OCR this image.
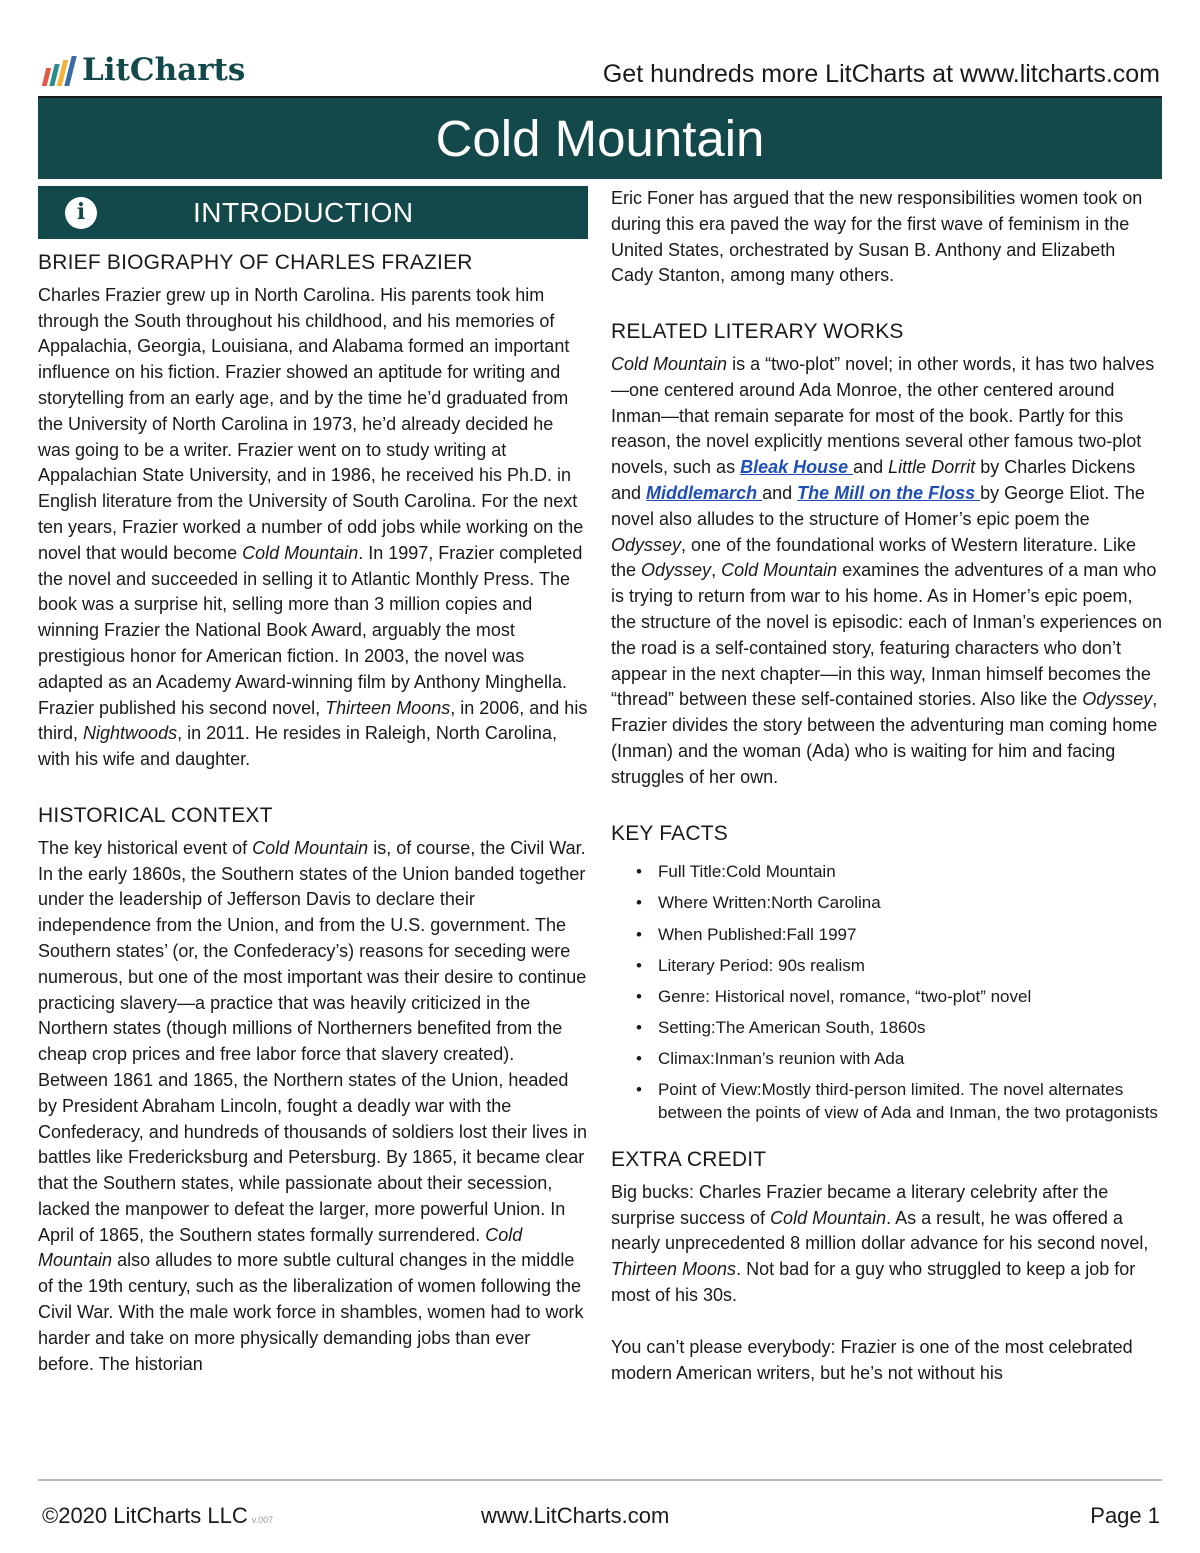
LitCharts	Get hundreds more LitCharts at www.litcharts.com
Cold Mountain
i	INTRODUCTION
BRIEF BIOGRAPHY OF CHARLES FRAZIER

Charles Frazier grew up in North Carolina. His parents took him through the South throughout his childhood, and his memories of Appalachia, Georgia, Louisiana, and Alabama formed an important influence on his fiction. Frazier showed an aptitude for writing and storytelling from an early age, and by the time he’d graduated from the University of North Carolina in 1973, he’d already decided he was going to be a writer. Frazier went on to study writing at Appalachian State University, and in 1986, he received his Ph.D. in English literature from the University of South Carolina. For the next ten years, Frazier worked a number of odd jobs while working on the novel that would become Cold Mountain. In 1997, Frazier completed the novel and succeeded in selling it to Atlantic Monthly Press. The book was a surprise hit, selling more than 3 million copies and winning Frazier the National Book Award, arguably the most prestigious honor for American fiction. In 2003, the novel was adapted as an Academy Award-winning film by Anthony Minghella. Frazier published his second novel, Thirteen Moons, in 2006, and his third, Nightwoods, in 2011. He resides in Raleigh, North Carolina, with his wife and daughter.

HISTORICAL CONTEXT

The key historical event of Cold Mountain is, of course, the Civil War. In the early 1860s, the Southern states of the Union banded together under the leadership of Jefferson Davis to declare their independence from the Union, and from the U.S. government. The Southern states’ (or, the Confederacy’s) reasons for seceding were numerous, but one of the most important was their desire to continue practicing slavery—a practice that was heavily criticized in the Northern states (though millions of Northerners benefited from the cheap crop prices and free labor force that slavery created). Between 1861 and 1865, the Northern states of the Union, headed by President Abraham Lincoln, fought a deadly war with the Confederacy, and hundreds of thousands of soldiers lost their lives in battles like Fredericksburg and Petersburg. By 1865, it became clear that the Southern states, while passionate about their secession, lacked the manpower to defeat the larger, more powerful Union. In April of 1865, the Southern states formally surrendered. Cold Mountain also alludes to more subtle cultural changes in the middle of the 19th century, such as the liberalization of women following the Civil War. With the male work force in shambles, women had to work harder and take on more physically demanding jobs than ever before. The historian

Eric Foner has argued that the new responsibilities women took on during this era paved the way for the first wave of feminism in the United States, orchestrated by Susan B. Anthony and Elizabeth Cady Stanton, among many others.

RELATED LITERARY WORKS

Cold Mountain is a “two-plot” novel; in other words, it has two halves—one centered around Ada Monroe, the other centered around Inman—that remain separate for most of the book. Partly for this reason, the novel explicitly mentions several other famous two-plot novels, such as Bleak House and Little Dorrit by Charles Dickens and Middlemarch and The Mill on the Floss by George Eliot. The novel also alludes to the structure of Homer’s epic poem the Odyssey, one of the foundational works of Western literature. Like the Odyssey, Cold Mountain examines the adventures of a man who is trying to return from war to his home. As in Homer’s epic poem, the structure of the novel is episodic: each of Inman’s experiences on the road is a self-contained story, featuring characters who don’t appear in the next chapter—in this way, Inman himself becomes the “thread” between these self-contained stories. Also like the Odyssey, Frazier divides the story between the adventuring man coming home (Inman) and the woman (Ada) who is waiting for him and facing struggles of her own.

KEY FACTS
• Full Title:Cold Mountain
• Where Written:North Carolina
• When Published:Fall 1997
• Literary Period: 90s realism
• Genre: Historical novel, romance, “two-plot” novel
• Setting:The American South, 1860s
• Climax:Inman’s reunion with Ada
• Point of View:Mostly third-person limited. The novel alternates between the points of view of Ada and Inman, the two protagonists
EXTRA CREDIT

Big bucks: Charles Frazier became a literary celebrity after the surprise success of Cold Mountain. As a result, he was offered a nearly unprecedented 8 million dollar advance for his second novel, Thirteen Moons. Not bad for a guy who struggled to keep a job for most of his 30s.

You can’t please everybody: Frazier is one of the most celebrated modern American writers, but he’s not without his

©2020 LitCharts LLC v.007	www.LitCharts.com	Page 1
